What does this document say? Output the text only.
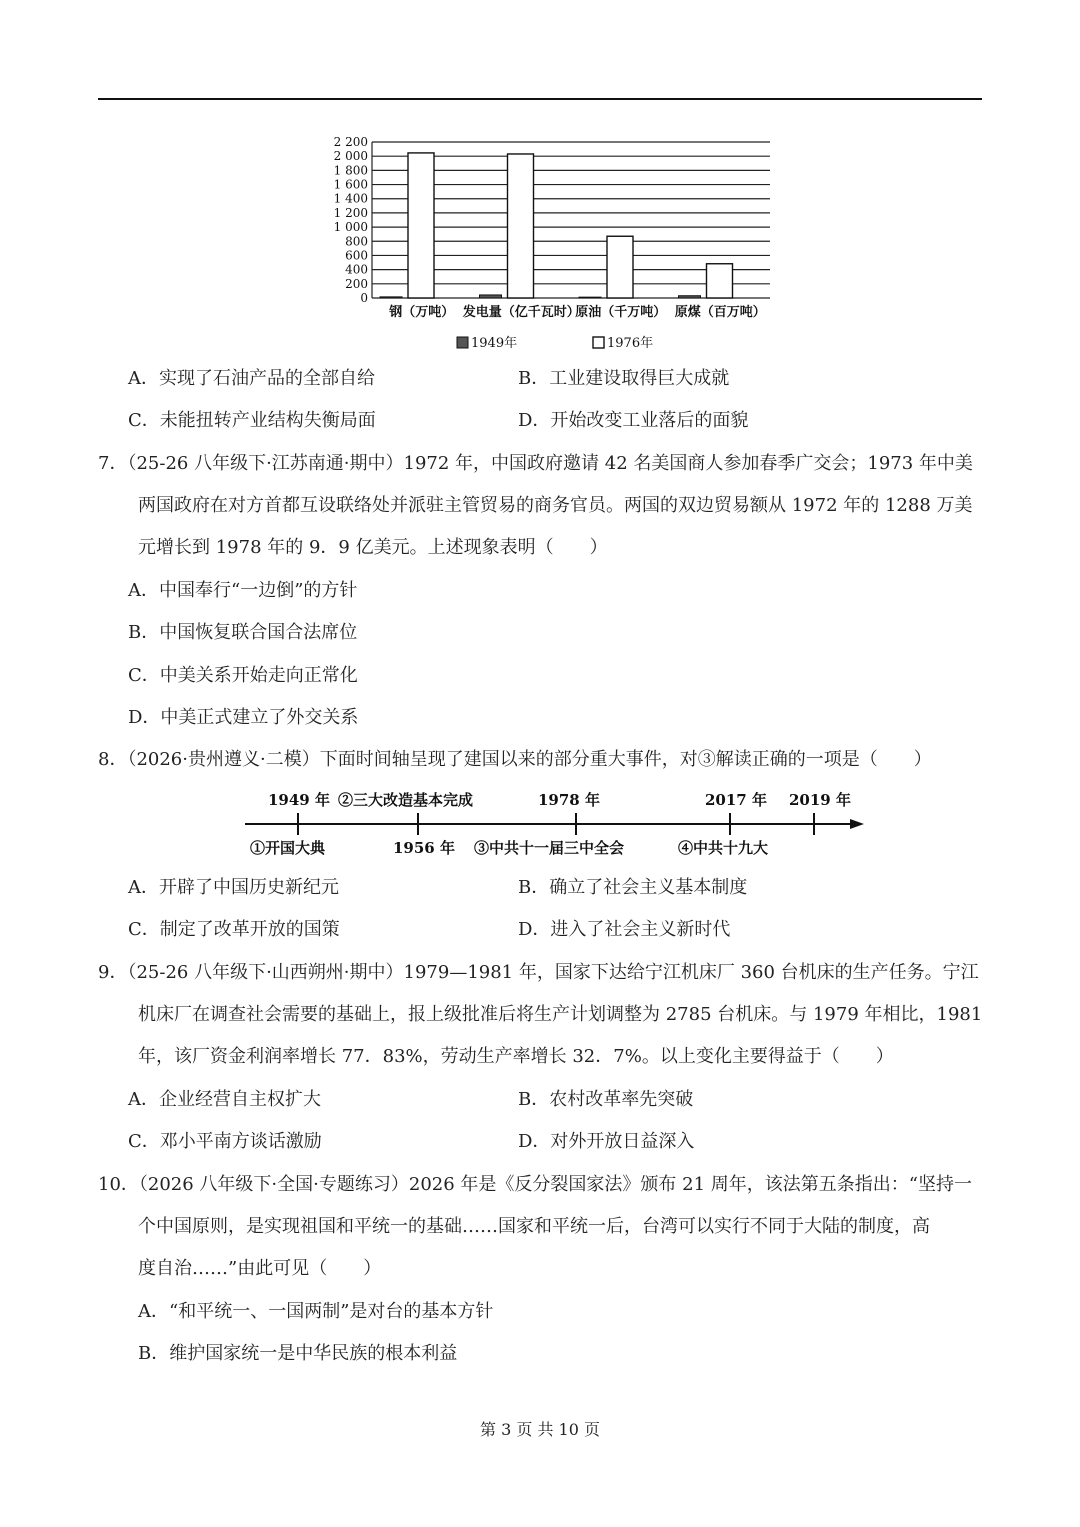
2 200
2 000
1 800
1 600
1 400
1 200
1 000
800
600
400
200
0
钢（万吨） 发电量（亿千瓦时）
原油（千万吨） 原煤（百万吨）
1949年	1976年
A．实现了石油产品的全部自给	B．工业建设取得巨大成就
C．未能扭转产业结构失衡局面	D．开始改变工业落后的面貌
7．（25-26 八年级下·江苏南通·期中）1972 年，中国政府邀请 42 名美国商人参加春季广交会；1973 年中美
两国政府在对方首都互设联络处并派驻主管贸易的商务官员。两国的双边贸易额从 1972 年的 1288 万美
元增长到 1978 年的 9．9 亿美元。上述现象表明（　　）
A．中国奉行“一边倒”的方针
B．中国恢复联合国合法席位
C．中美关系开始走向正常化
D．中美正式建立了外交关系
8．（2026·贵州遵义·二模）下面时间轴呈现了建国以来的部分重大事件，对③解读正确的一项是（　　）
1949 年 ②三大改造基本完成	1978 年	2017 年 2019 年
①开国大典	1956 年 ③中共十一届三中全会	④中共十九大
A．开辟了中国历史新纪元	B．确立了社会主义基本制度
C．制定了改革开放的国策	D．进入了社会主义新时代
9．（25-26 八年级下·山西朔州·期中）1979—1981 年，国家下达给宁江机床厂 360 台机床的生产任务。宁江
机床厂在调查社会需要的基础上，报上级批准后将生产计划调整为 2785 台机床。与 1979 年相比，1981
年，该厂资金利润率增长 77．83%，劳动生产率增长 32．7%。以上变化主要得益于（　　）
A．企业经营自主权扩大	B．农村改革率先突破
C．邓小平南方谈话激励	D．对外开放日益深入
10．（2026 八年级下·全国·专题练习）2026 年是《反分裂国家法》颁布 21 周年，该法第五条指出：“坚持一
个中国原则，是实现祖国和平统一的基础……国家和平统一后，台湾可以实行不同于大陆的制度，高
度自治……”由此可见（　　）
A．“和平统一、一国两制”是对台的基本方针
B．维护国家统一是中华民族的根本利益
第 3 页 共 10 页
